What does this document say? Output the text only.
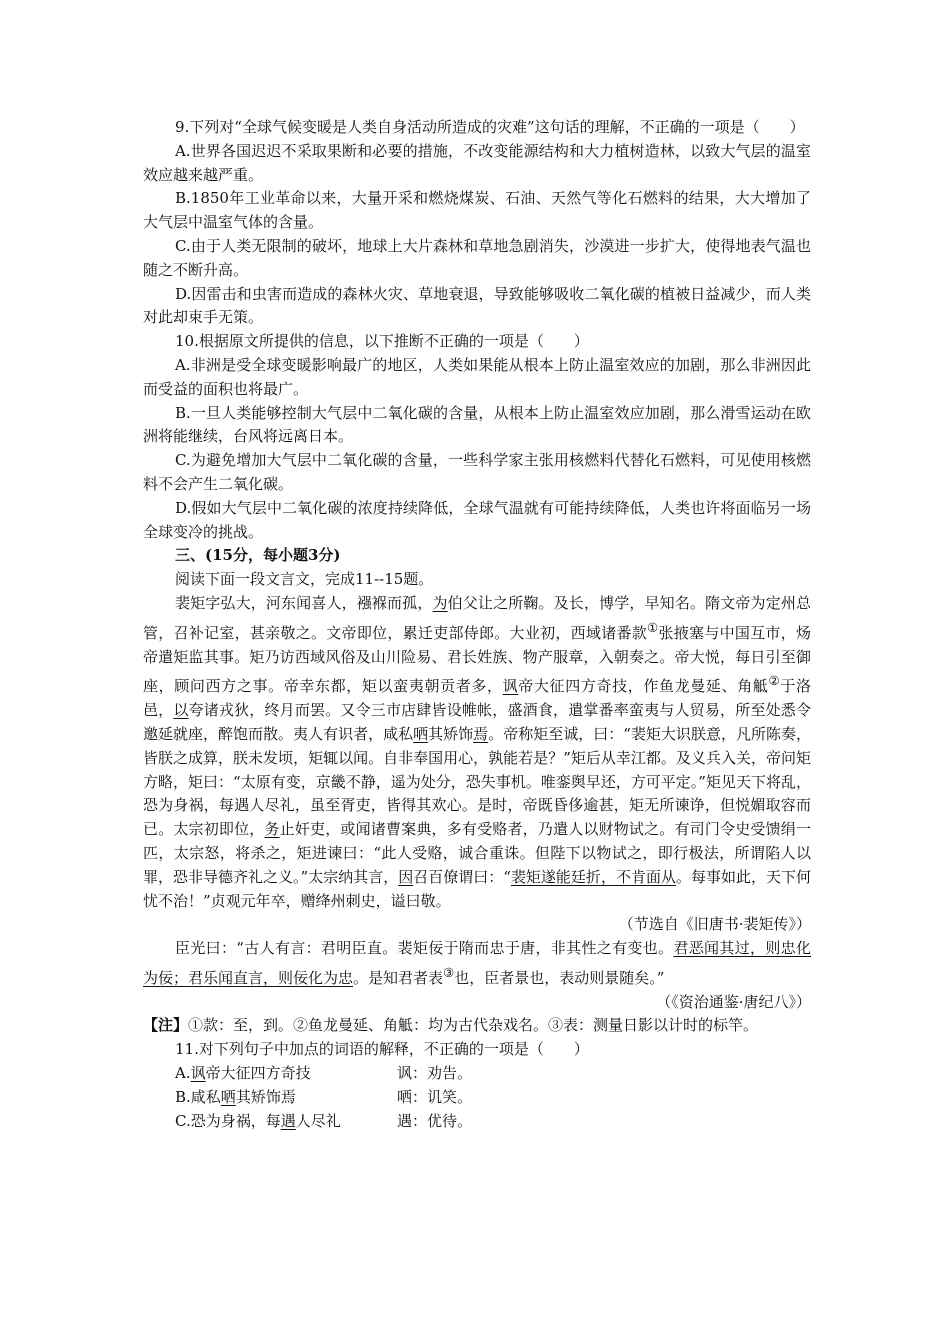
9.下列对“全球气候变暖是人类自身活动所造成的灾难”这句话的理解，不正确的一项是（　　）

A.世界各国迟迟不采取果断和必要的措施，不改变能源结构和大力植树造林，以致大气层的温室效应越来越严重。

B.1850年工业革命以来，大量开采和燃烧煤炭、石油、天然气等化石燃料的结果，大大增加了大气层中温室气体的含量。

C.由于人类无限制的破坏，地球上大片森林和草地急剧消失，沙漠进一步扩大，使得地表气温也随之不断升高。

D.因雷击和虫害而造成的森林火灾、草地衰退，导致能够吸收二氧化碳的植被日益减少，而人类对此却束手无策。

10.根据原文所提供的信息，以下推断不正确的一项是（　　）

A.非洲是受全球变暖影响最广的地区，人类如果能从根本上防止温室效应的加剧，那么非洲因此而受益的面积也将最广。

B.一旦人类能够控制大气层中二氧化碳的含量，从根本上防止温室效应加剧，那么滑雪运动在欧洲将能继续，台风将远离日本。

C.为避免增加大气层中二氧化碳的含量，一些科学家主张用核燃料代替化石燃料，可见使用核燃料不会产生二氧化碳。

D.假如大气层中二氧化碳的浓度持续降低，全球气温就有可能持续降低，人类也许将面临另一场全球变冷的挑战。

三、(15分，每小题3分)

阅读下面一段文言文，完成11--15题。

裴矩字弘大，河东闻喜人，襁褓而孤，为伯父让之所鞠。及长，博学，早知名。隋文帝为定州总管，召补记室，甚亲敬之。文帝即位，累迁吏部侍郎。大业初，西域诸番款①张掖塞与中国互市，炀帝遣矩监其事。矩乃访西域风俗及山川险易、君长姓族、物产服章，入朝奏之。帝大悦，每日引至御座，顾问西方之事。帝幸东都，矩以蛮夷朝贡者多，讽帝大征四方奇技，作鱼龙曼延、角觝②于洛邑，以夸诸戎狄，终月而罢。又令三市店肆皆设帷帐，盛酒食，遣掌番率蛮夷与人贸易，所至处悉令邀延就座，醉饱而散。夷人有识者，咸私哂其矫饰焉。帝称矩至诚，曰：“裴矩大识朕意，凡所陈奏，皆朕之成算，朕未发顷，矩辄以闻。自非奉国用心，孰能若是？”矩后从幸江都。及义兵入关，帝问矩方略，矩曰：“太原有变，京畿不静，遥为处分，恐失事机。唯銮舆早还，方可平定。”矩见天下将乱，恐为身祸，每遇人尽礼，虽至胥吏，皆得其欢心。是时，帝既昏侈逾甚，矩无所谏诤，但悦媚取容而已。太宗初即位，务止奸吏，或闻诸曹案典，多有受赂者，乃遣人以财物试之。有司门令史受馈绢一匹，太宗怒，将杀之，矩进谏曰：“此人受赂，诚合重诛。但陛下以物试之，即行极法，所谓陷人以罪，恐非导德齐礼之义。”太宗纳其言，因召百僚谓曰：“裴矩遂能廷折，不肯面从。每事如此，天下何忧不治！”贞观元年卒，赠绛州刺史，谥曰敬。

（节选自《旧唐书·裴矩传》）

臣光曰：“古人有言：君明臣直。裴矩佞于隋而忠于唐，非其性之有变也。君恶闻其过，则忠化为佞；君乐闻直言，则佞化为忠。是知君者表③也，臣者景也，表动则景随矣。”

（《资治通鉴·唐纪八》）

【注】①款：至，到。②鱼龙曼延、角觝：均为古代杂戏名。③表：测量日影以计时的标竿。

11.对下列句子中加点的词语的解释，不正确的一项是（　　）

A.讽帝大征四方奇技	讽：劝告。
B.咸私哂其矫饰焉	哂：讥笑。
C.恐为身祸，每遇人尽礼	遇：优待。
